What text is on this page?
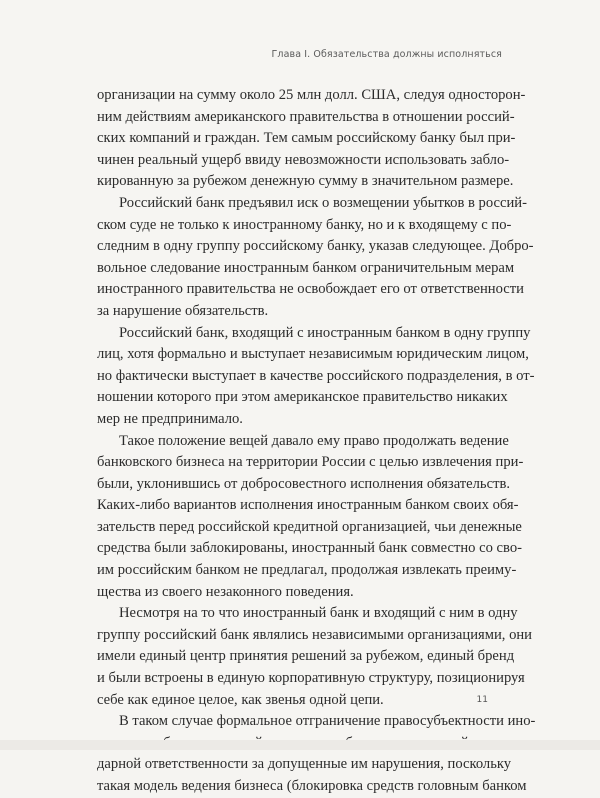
Глава I. Обязательства должны исполняться
организации на сумму около 25 млн долл. США, следуя односторон-
ним действиям американского правительства в отношении россий-
ских компаний и граждан. Тем самым российскому банку был при-
чинен реальный ущерб ввиду невозможности использовать забло-
кированную за рубежом денежную сумму в значительном размере.
Российский банк предъявил иск о возмещении убытков в россий-
ском суде не только к иностранному банку, но и к входящему с по-
следним в одну группу российскому банку, указав следующее. Добро-
вольное следование иностранным банком ограничительным мерам
иностранного правительства не освобождает его от ответственности
за нарушение обязательств.
Российский банк, входящий с иностранным банком в одну группу
лиц, хотя формально и выступает независимым юридическим лицом,
но фактически выступает в качестве российского подразделения, в от-
ношении которого при этом американское правительство никаких
мер не предпринимало.
Такое положение вещей давало ему право продолжать ведение
банковского бизнеса на территории России с целью извлечения при-
были, уклонившись от добросовестного исполнения обязательств.
Каких-либо вариантов исполнения иностранным банком своих обя-
зательств перед российской кредитной организацией, чьи денежные
средства были заблокированы, иностранный банк совместно со сво-
им российским банком не предлагал, продолжая извлекать преиму-
щества из своего незаконного поведения.
Несмотря на то что иностранный банк и входящий с ним в одну
группу российский банк являлись независимыми организациями, они
имели единый центр принятия решений за рубежом, единый бренд
и были встроены в единую корпоративную структуру, позиционируя
себе как единое целое, как звенья одной цепи.
В таком случае формальное отграничение правосубъектности ино-
дарной ответственности за допущенные им нарушения, поскольку
такая модель ведения бизнеса (блокировка средств головным банком
11
